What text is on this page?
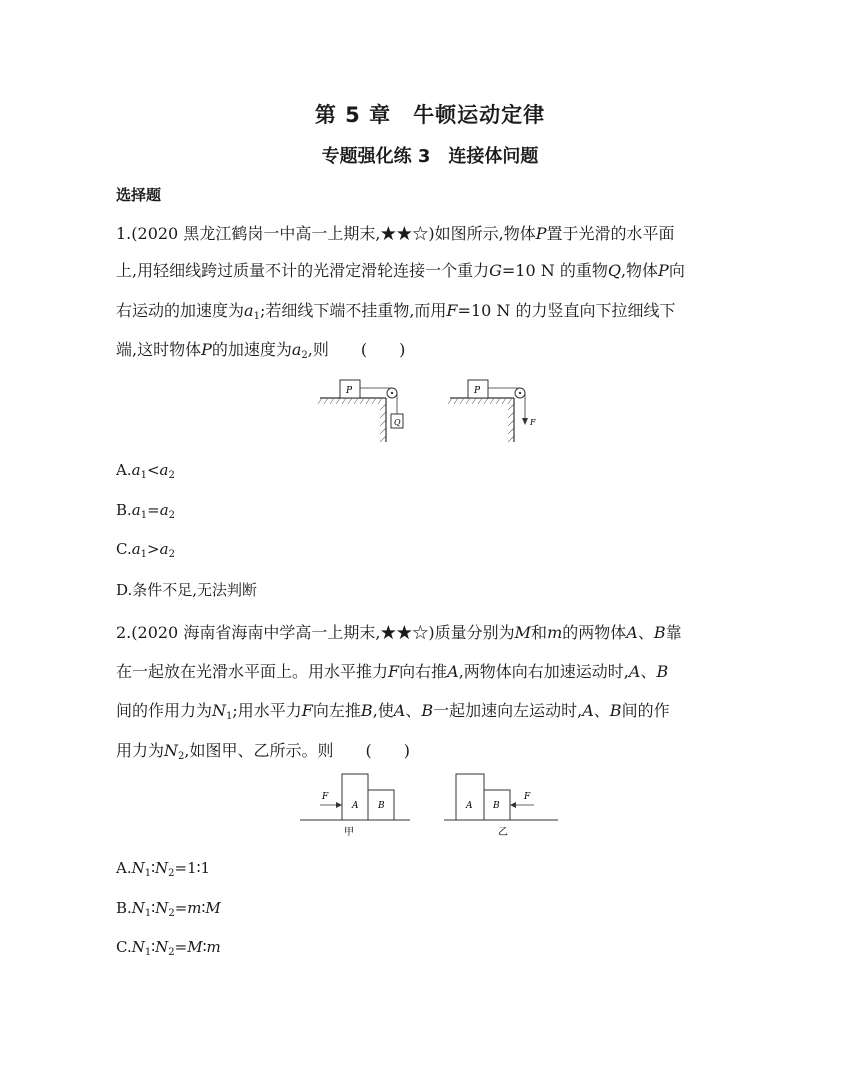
第 5 章　牛顿运动定律
专题强化练 3　连接体问题
选择题
1.(2020 黑龙江鹤岗一中高一上期末,★★☆)如图所示,物体P置于光滑的水平面
上,用轻细线跨过质量不计的光滑定滑轮连接一个重力G=10 N 的重物Q,物体P向
右运动的加速度为$a_1$;若细线下端不挂重物,而用F=10 N 的力竖直向下拉细线下
端,这时物体P的加速度为$a_2$,则　　(　　)
P
Q
P
F
$A.a_1<a_2$
$B.a_1=a_2$
$C.a_1>a_2$
D.条件不足,无法判断
2.(2020 海南省海南中学高一上期末,★★☆)质量分别为M和m的两物体A、B靠
在一起放在光滑水平面上。用水平推力F向右推A,两物体向右加速运动时,A、B
间的作用力为$N_1$;用水平力F向左推B,使A、B一起加速向左运动时,A、B间的作
用力为$N_2$,如图甲、乙所示。则　　(　　)
A B
F
甲
A B
F
乙
$A.N_1∶N_2=1∶1$
$B.N_1∶N_2=m∶M$
$C.N_1∶N_2=M∶m$
